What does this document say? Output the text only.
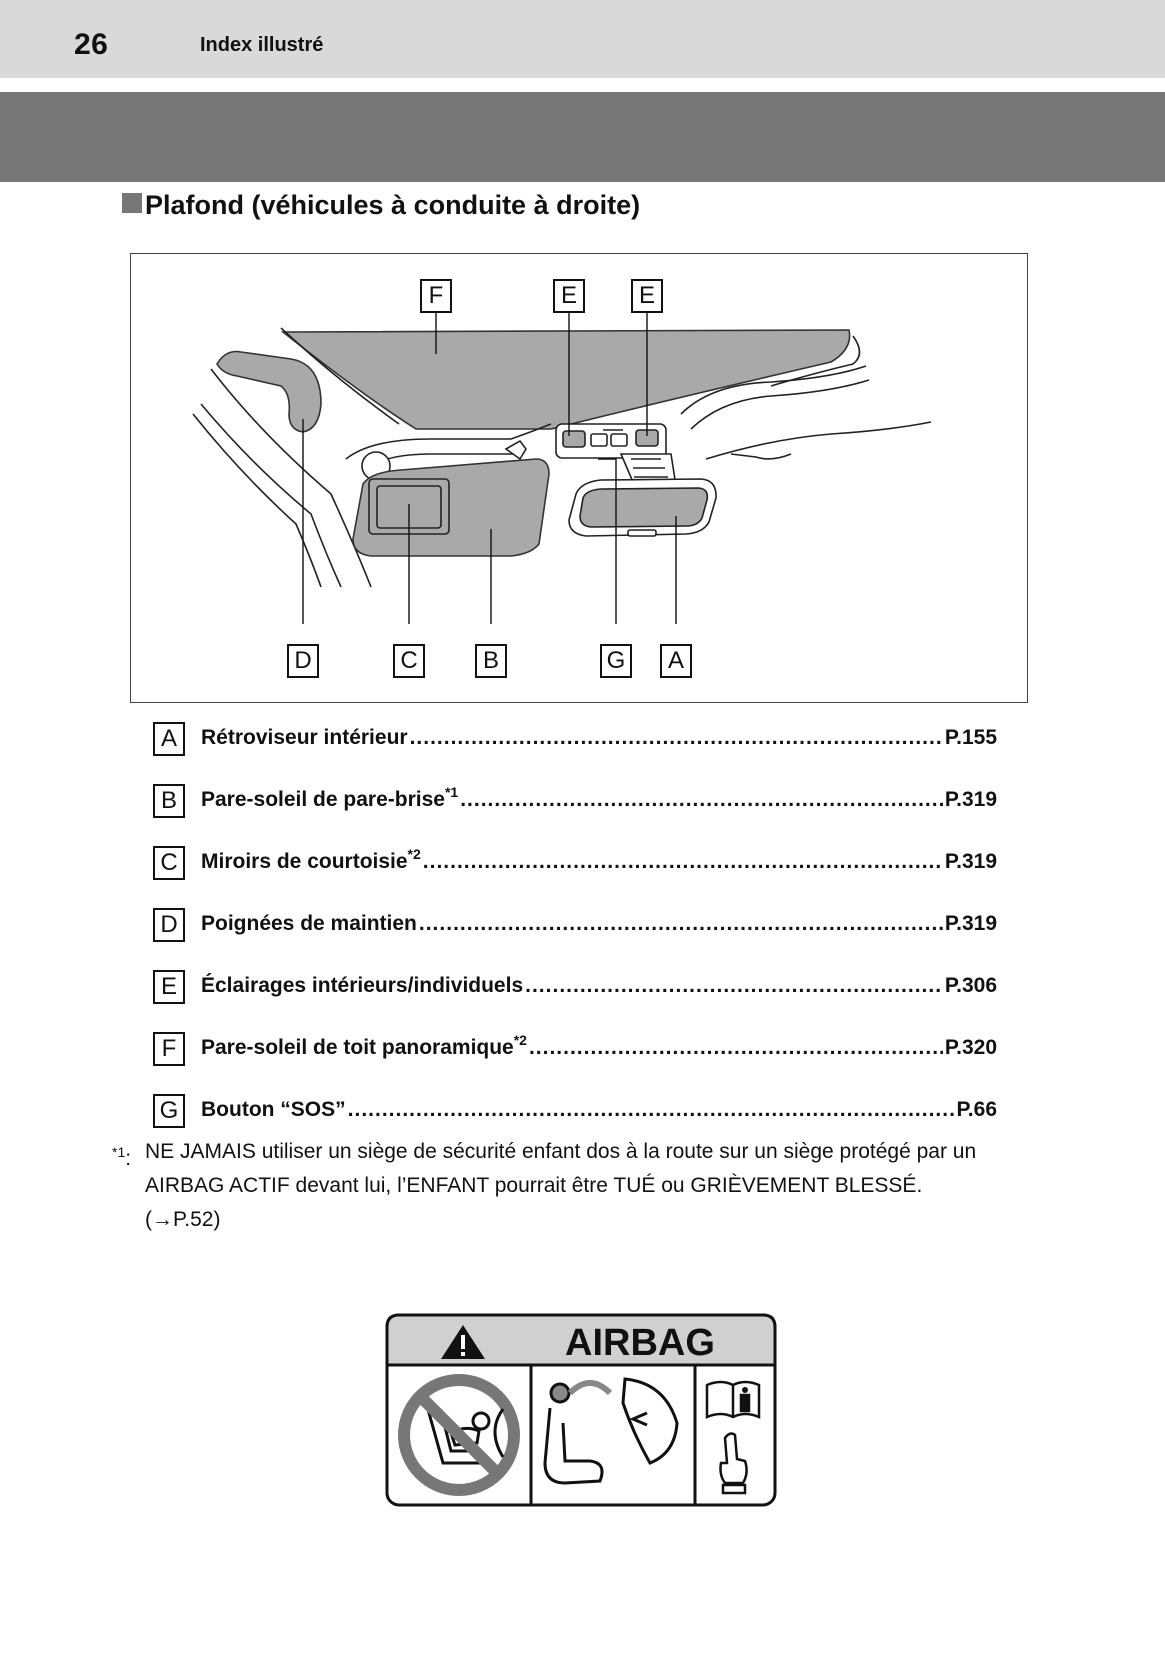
26	Index illustré
Plafond (véhicules à conduite à droite)
F	E	E
D	C	B	G	A
A	Rétroviseur intérieur .....	P.155
B	Pare-soleil de pare-brise$^{*1}$ .....	P.319
C	Miroirs de courtoisie$^{*2}$ .....	P.319
D	Poignées de maintien .....	P.319
E	Éclairages intérieurs/individuels .....	P.306
F	Pare-soleil de toit panoramique$^{*2}$ .....	P.320
G	Bouton “SOS” .....	P.66
$^{*1}$: NE JAMAIS utiliser un siège de sécurité enfant dos à la route sur un siège protégé par un AIRBAG ACTIF devant lui, l’ENFANT pourrait être TUÉ ou GRIÈVEMENT BLESSÉ.
(→P.52)
AIRBAG
